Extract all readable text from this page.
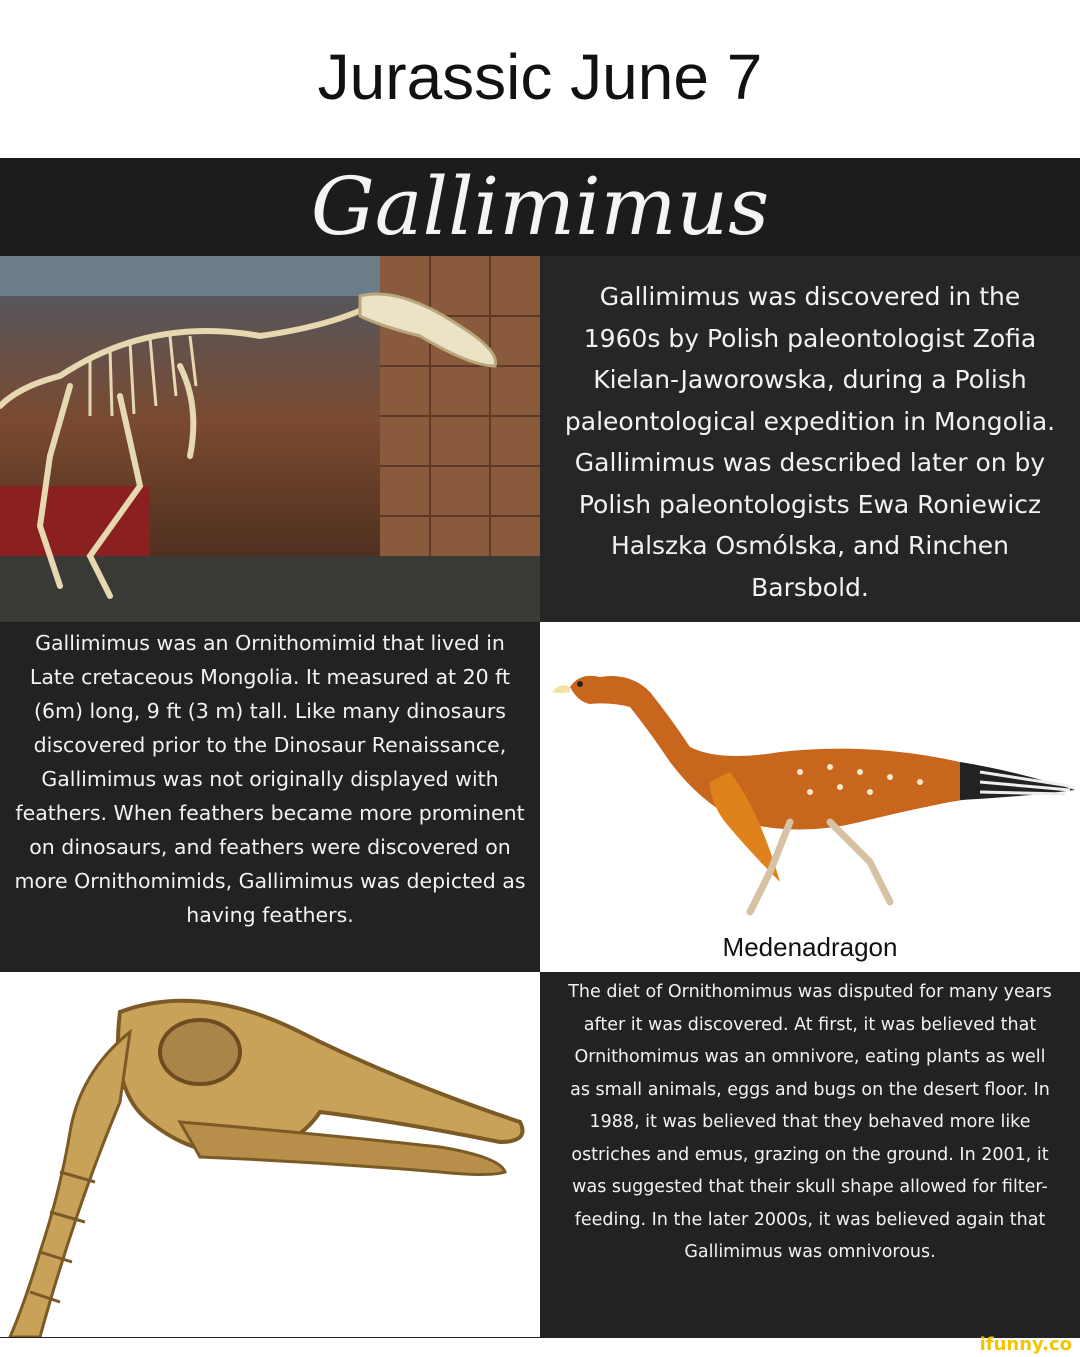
Jurassic June 7
Gallimimus
Gallimimus was discovered in the 1960s by Polish paleontologist Zofia Kielan-Jaworowska, during a Polish paleontological expedition in Mongolia. Gallimimus was described later on by Polish paleontologists Ewa Roniewicz Halszka Osmólska, and Rinchen Barsbold.
Gallimimus was an Ornithomimid that lived in Late cretaceous Mongolia. It measured at 20 ft (6m) long, 9 ft (3 m) tall. Like many dinosaurs discovered prior to the Dinosaur Renaissance, Gallimimus was not originally displayed with feathers. When feathers became more prominent on dinosaurs, and feathers were discovered on more Ornithomimids, Gallimimus was depicted as having feathers.
Medenadragon
The diet of Ornithomimus was disputed for many years after it was discovered. At first, it was believed that Ornithomimus was an omnivore, eating plants as well as small animals, eggs and bugs on the desert floor. In 1988, it was believed that they behaved more like ostriches and emus, grazing on the ground. In 2001, it was suggested that their skull shape allowed for filter-feeding. In the later 2000s, it was believed again that Gallimimus was omnivorous.
ifunny.co
